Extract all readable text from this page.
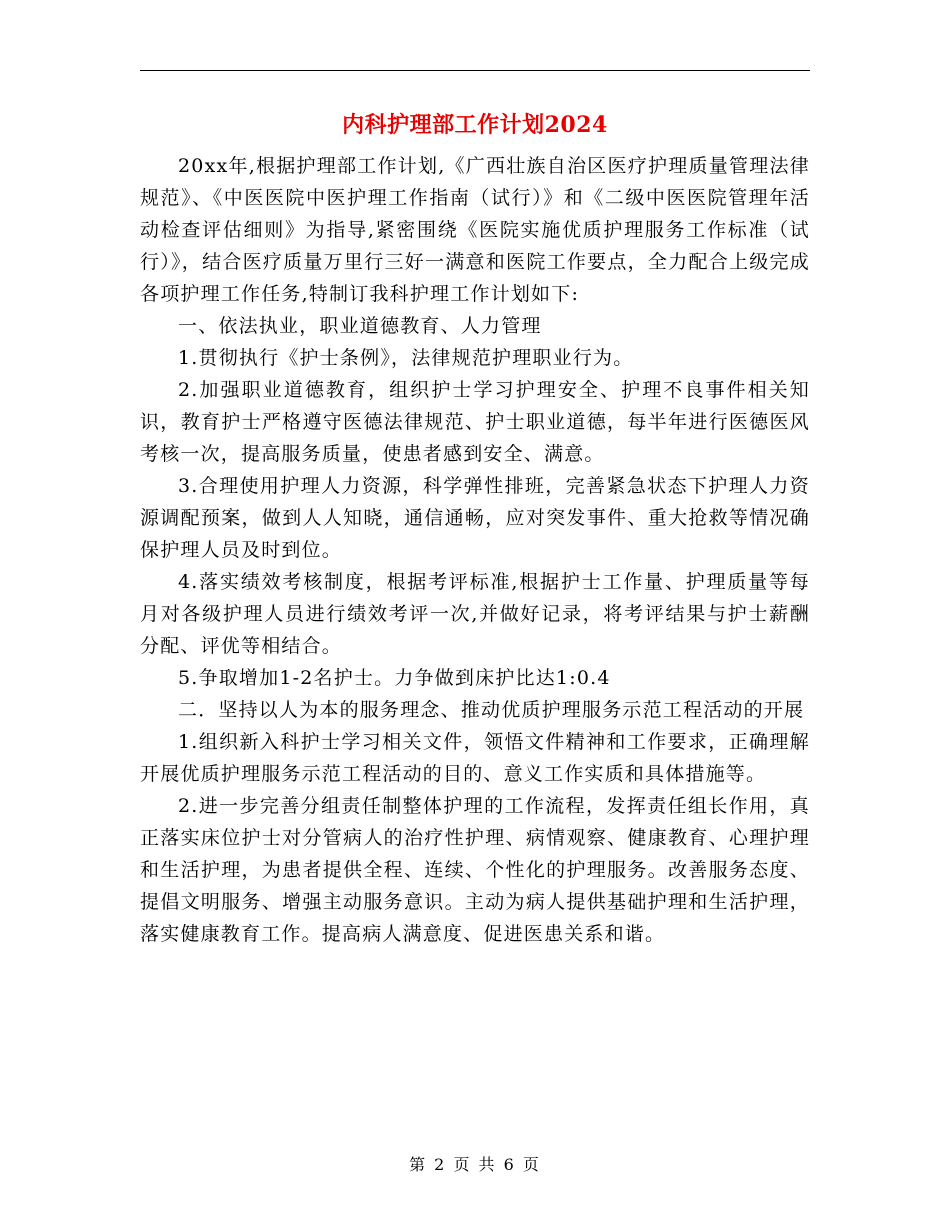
内科护理部工作计划2024

20xx年,根据护理部工作计划,《广西壮族自治区医疗护理质量管理法律规范》、《中医医院中医护理工作指南（试行）》和《二级中医医院管理年活动检查评估细则》为指导,紧密围绕《医院实施优质护理服务工作标准（试行）》，结合医疗质量万里行三好一满意和医院工作要点，全力配合上级完成各项护理工作任务,特制订我科护理工作计划如下:

一、依法执业，职业道德教育、人力管理

1.贯彻执行《护士条例》，法律规范护理职业行为。

2.加强职业道德教育，组织护士学习护理安全、护理不良事件相关知识，教育护士严格遵守医德法律规范、护士职业道德，每半年进行医德医风考核一次，提高服务质量，使患者感到安全、满意。

3.合理使用护理人力资源，科学弹性排班，完善紧急状态下护理人力资源调配预案，做到人人知晓，通信通畅，应对突发事件、重大抢救等情况确保护理人员及时到位。

4.落实绩效考核制度，根据考评标准,根据护士工作量、护理质量等每月对各级护理人员进行绩效考评一次,并做好记录，将考评结果与护士薪酬分配、评优等相结合。

5.争取增加1-2名护士。力争做到床护比达1:0.4

二．坚持以人为本的服务理念、推动优质护理服务示范工程活动的开展

1.组织新入科护士学习相关文件，领悟文件精神和工作要求，正确理解开展优质护理服务示范工程活动的目的、意义工作实质和具体措施等。

2.进一步完善分组责任制整体护理的工作流程，发挥责任组长作用，真正落实床位护士对分管病人的治疗性护理、病情观察、健康教育、心理护理和生活护理，为患者提供全程、连续、个性化的护理服务。改善服务态度、提倡文明服务、增强主动服务意识。主动为病人提供基础护理和生活护理，落实健康教育工作。提高病人满意度、促进医患关系和谐。

第 2 页 共 6 页
